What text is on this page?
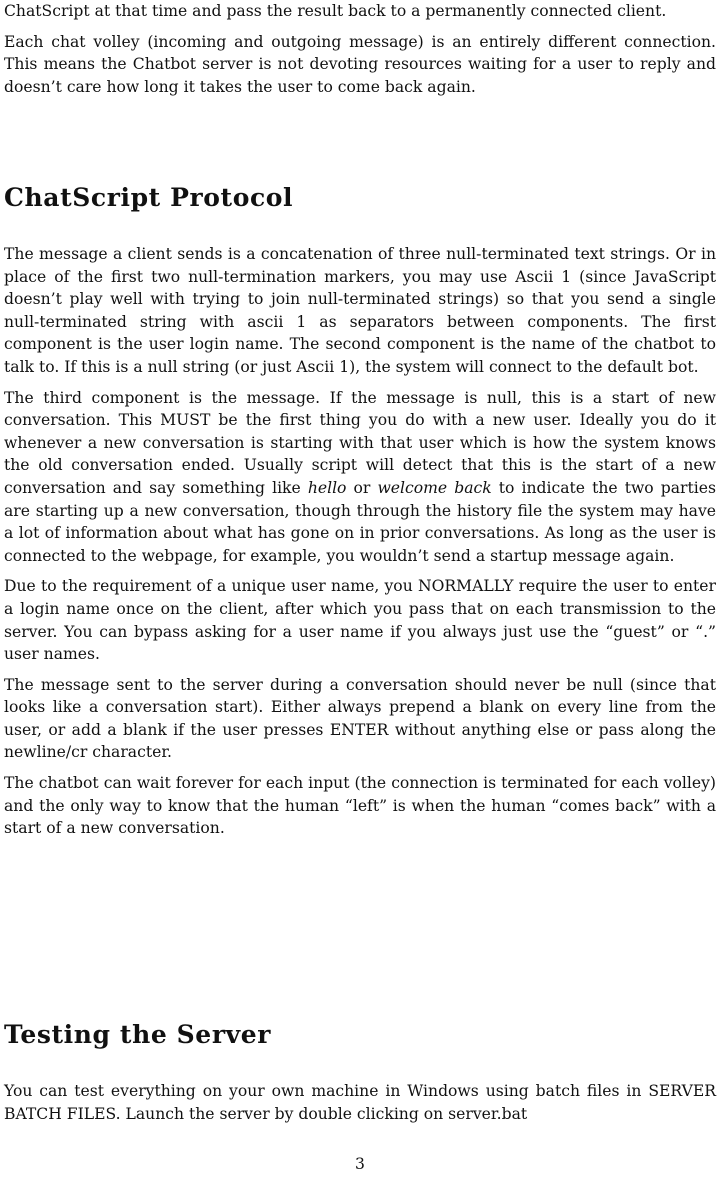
ChatScript at that time and pass the result back to a permanently connected client.

Each chat volley (incoming and outgoing message) is an entirely different connection. This means the Chatbot server is not devoting resources waiting for a user to reply and doesn’t care how long it takes the user to come back again.

ChatScript Protocol

The message a client sends is a concatenation of three null-terminated text strings. Or in place of the first two null-termination markers, you may use Ascii 1 (since JavaScript doesn’t play well with trying to join null-terminated strings) so that you send a single null-terminated string with ascii 1 as separators between components. The first component is the user login name. The second component is the name of the chatbot to talk to. If this is a null string (or just Ascii 1), the system will connect to the default bot.

The third component is the message. If the message is null, this is a start of new conversation. This MUST be the first thing you do with a new user. Ideally you do it whenever a new conversation is starting with that user which is how the system knows the old conversation ended. Usually script will detect that this is the start of a new conversation and say something like hello or welcome back to indicate the two parties are starting up a new conversation, though through the history file the system may have a lot of information about what has gone on in prior conversations. As long as the user is connected to the webpage, for example, you wouldn’t send a startup message again.

Due to the requirement of a unique user name, you NORMALLY require the user to enter a login name once on the client, after which you pass that on each transmission to the server. You can bypass asking for a user name if you always just use the “guest” or “.” user names.

The message sent to the server during a conversation should never be null (since that looks like a conversation start). Either always prepend a blank on every line from the user, or add a blank if the user presses ENTER without anything else or pass along the newline/cr character.

The chatbot can wait forever for each input (the connection is terminated for each volley) and the only way to know that the human “left” is when the human “comes back” with a start of a new conversation.

Testing the Server

You can test everything on your own machine in Windows using batch files in SERVER BATCH FILES. Launch the server by double clicking on server.bat

3
